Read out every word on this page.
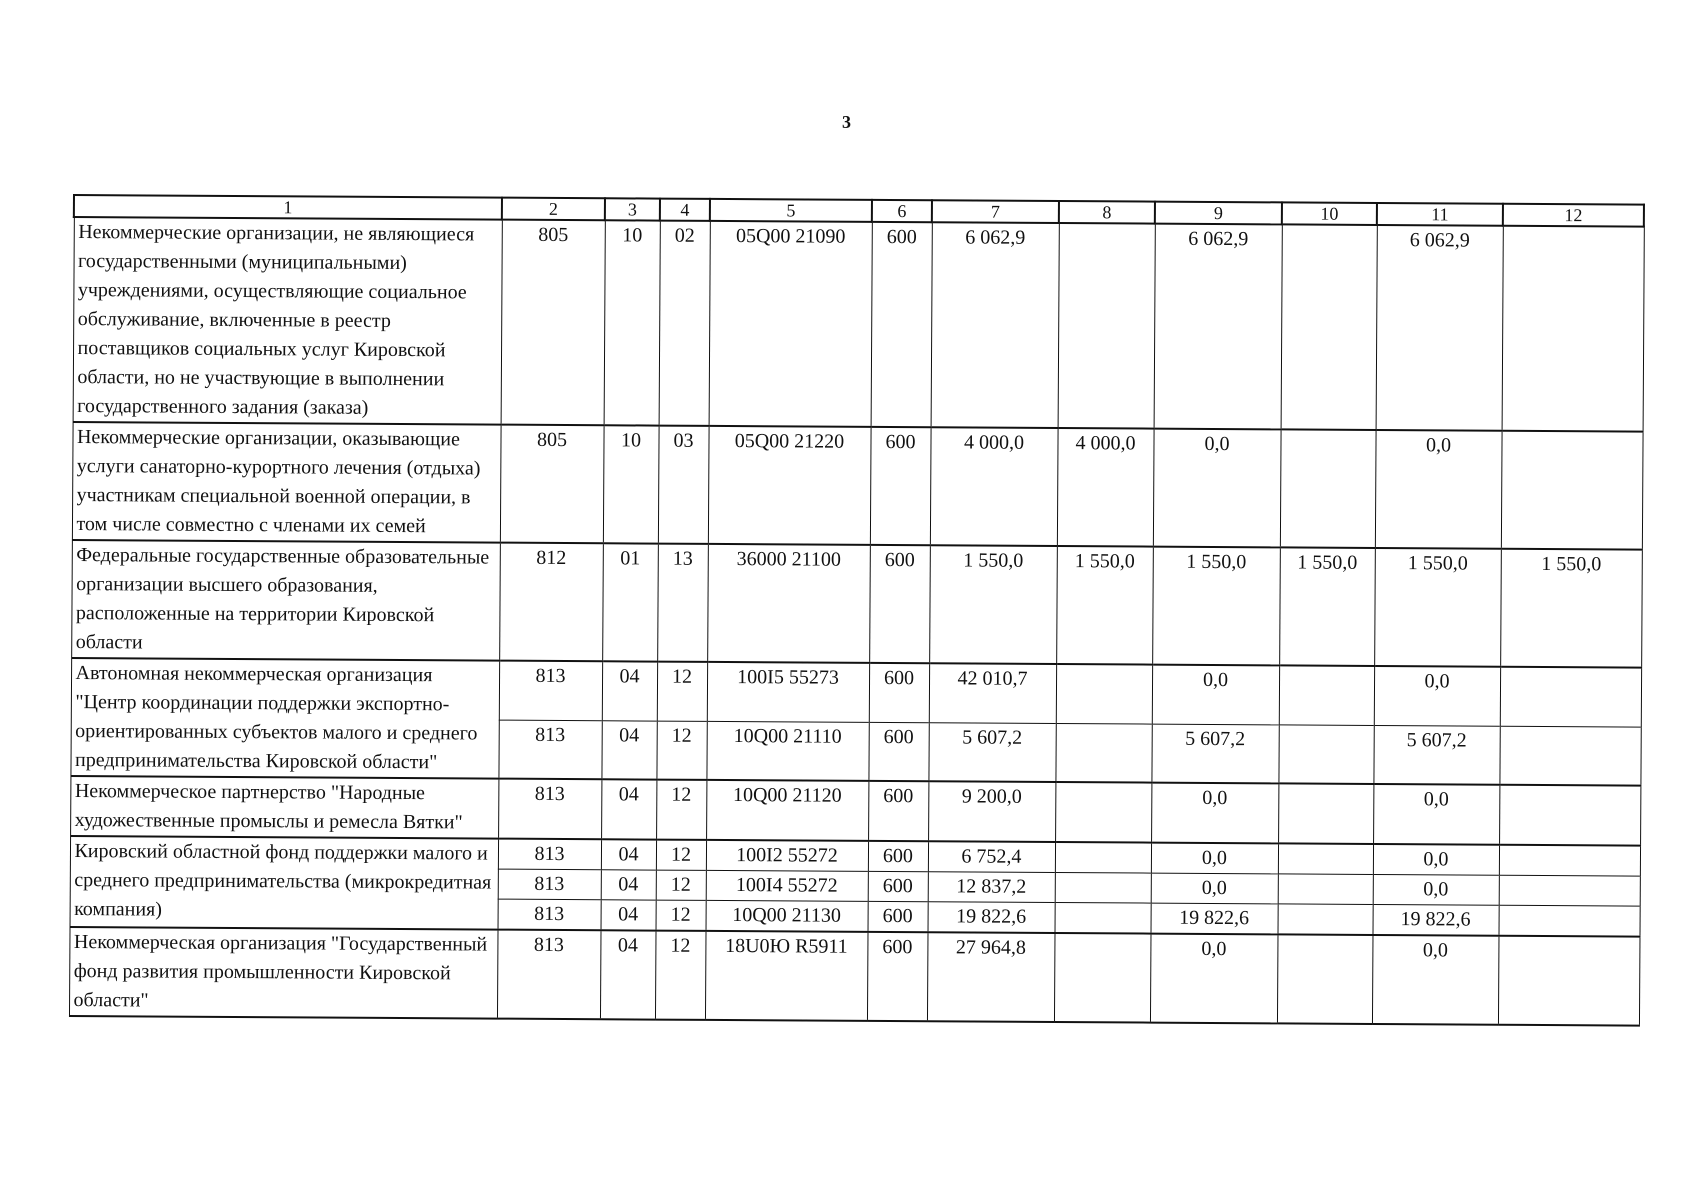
3
1	2	3	4	5	6	7	8	9	10	11	12
Некоммерческие организации, не являющиеся государственными (муниципальными) учреждениями, осуществляющие социальное обслуживание, включенные в реестр поставщиков социальных услуг Кировской области, но не участвующие в выполнении государственного задания (заказа)	805	10	02	05Q00 21090	600	6 062,9		6 062,9		6 062,9	
Некоммерческие организации, оказывающие услуги санаторно-курортного лечения (отдыха) участникам специальной военной операции, в том числе совместно с членами их семей	805	10	03	05Q00 21220	600	4 000,0	4 000,0	0,0		0,0	
Федеральные государственные образовательные организации высшего образования, расположенные на территории Кировской области	812	01	13	36000 21100	600	1 550,0	1 550,0	1 550,0	1 550,0	1 550,0	1 550,0
Автономная некоммерческая организация "Центр координации поддержки экспортно-ориентированных субъектов малого и среднего предпринимательства Кировской области"	813	04	12	100I5 55273	600	42 010,7		0,0		0,0	
	813	04	12	10Q00 21110	600	5 607,2		5 607,2		5 607,2	
Некоммерческое партнерство "Народные художественные промыслы и ремесла Вятки"	813	04	12	10Q00 21120	600	9 200,0		0,0		0,0	
Кировский областной фонд поддержки малого и среднего предпринимательства (микрокредитная компания)	813	04	12	100I2 55272	600	6 752,4		0,0		0,0	
	813	04	12	100I4 55272	600	12 837,2		0,0		0,0	
	813	04	12	10Q00 21130	600	19 822,6		19 822,6		19 822,6	
Некоммерческая организация "Государственный фонд развития промышленности Кировской области"	813	04	12	18U0Ю R5911	600	27 964,8		0,0		0,0	
